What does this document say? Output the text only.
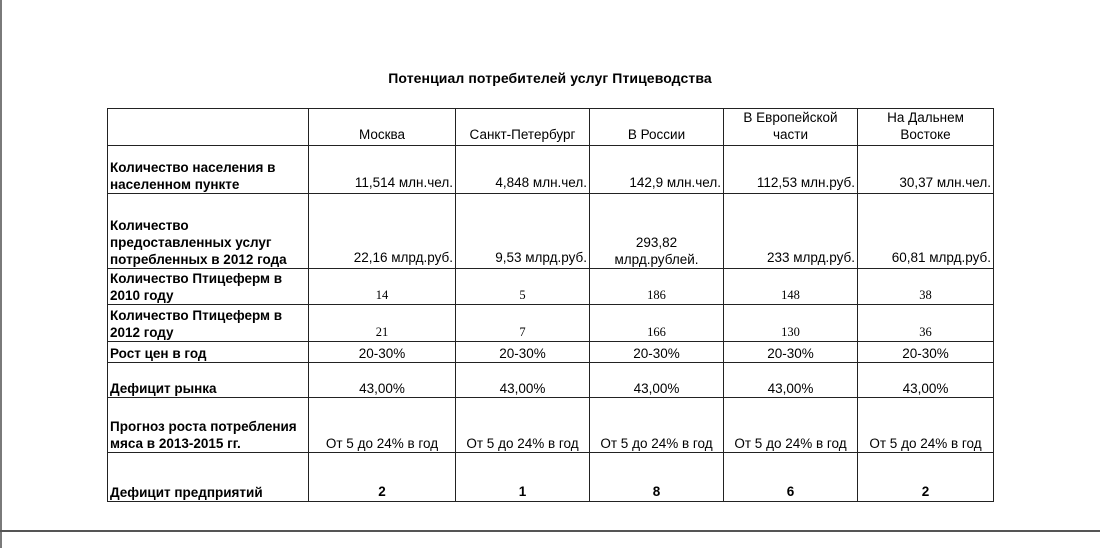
Потенциал потребителей услуг Птицеводства
	Москва	Санкт-Петербург	В России	В Европейской части	На Дальнем Востоке
Количество населения в населенном пункте	11,514 млн.чел.	4,848 млн.чел.	142,9 млн.чел.	112,53 млн.руб.	30,37 млн.чел.
Количество предоставленных услуг потребленных в 2012 года	22,16 млрд.руб.	9,53 млрд.руб.	293,82 млрд.рублей.	233 млрд.руб.	60,81 млрд.руб.
Количество Птицеферм в 2010 году	14	5	186	148	38
Количество Птицеферм в 2012 году	21	7	166	130	36
Рост цен в год	20-30%	20-30%	20-30%	20-30%	20-30%
Дефицит рынка	43,00%	43,00%	43,00%	43,00%	43,00%
Прогноз роста потребления мяса в 2013-2015 гг.	От 5 до 24% в год	От 5 до 24% в год	От 5 до 24% в год	От 5 до 24% в год	От 5 до 24% в год
Дефицит предприятий	2	1	8	6	2
